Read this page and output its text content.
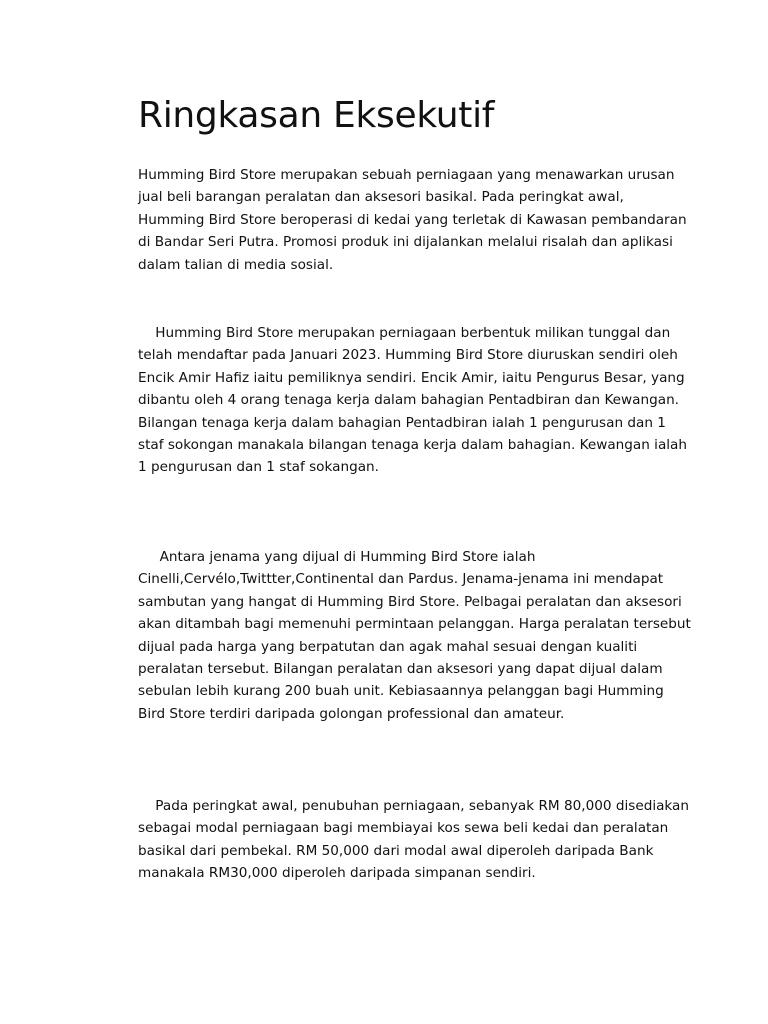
Ringkasan Eksekutif

Humming Bird Store merupakan sebuah perniagaan yang menawarkan urusan jual beli barangan peralatan dan aksesori basikal. Pada peringkat awal, Humming Bird Store beroperasi di kedai yang terletak di Kawasan pembandaran di Bandar Seri Putra. Promosi produk ini dijalankan melalui risalah dan aplikasi dalam talian di media sosial.

Humming Bird Store merupakan perniagaan berbentuk milikan tunggal dan telah mendaftar pada Januari 2023. Humming Bird Store diuruskan sendiri oleh Encik Amir Hafiz iaitu pemiliknya sendiri. Encik Amir, iaitu Pengurus Besar, yang dibantu oleh 4 orang tenaga kerja dalam bahagian Pentadbiran dan Kewangan. Bilangan tenaga kerja dalam bahagian Pentadbiran ialah 1 pengurusan dan 1 staf sokongan manakala bilangan tenaga kerja dalam bahagian. Kewangan ialah  1 pengurusan dan 1 staf sokangan.

Antara jenama yang dijual di Humming Bird Store ialah Cinelli,Cervélo,Twittter,Continental dan Pardus. Jenama-jenama ini mendapat sambutan yang hangat di Humming Bird Store. Pelbagai peralatan dan aksesori akan ditambah bagi memenuhi permintaan pelanggan. Harga peralatan tersebut dijual pada harga yang berpatutan dan agak mahal sesuai dengan kualiti peralatan tersebut. Bilangan peralatan dan aksesori yang dapat dijual dalam sebulan lebih kurang 200 buah unit. Kebiasaannya pelanggan bagi Humming Bird Store terdiri daripada golongan professional dan amateur.

Pada peringkat awal, penubuhan perniagaan, sebanyak RM 80,000 disediakan sebagai modal perniagaan bagi membiayai kos sewa beli kedai dan peralatan basikal dari pembekal. RM 50,000 dari modal awal diperoleh daripada Bank manakala RM30,000 diperoleh daripada simpanan sendiri.
